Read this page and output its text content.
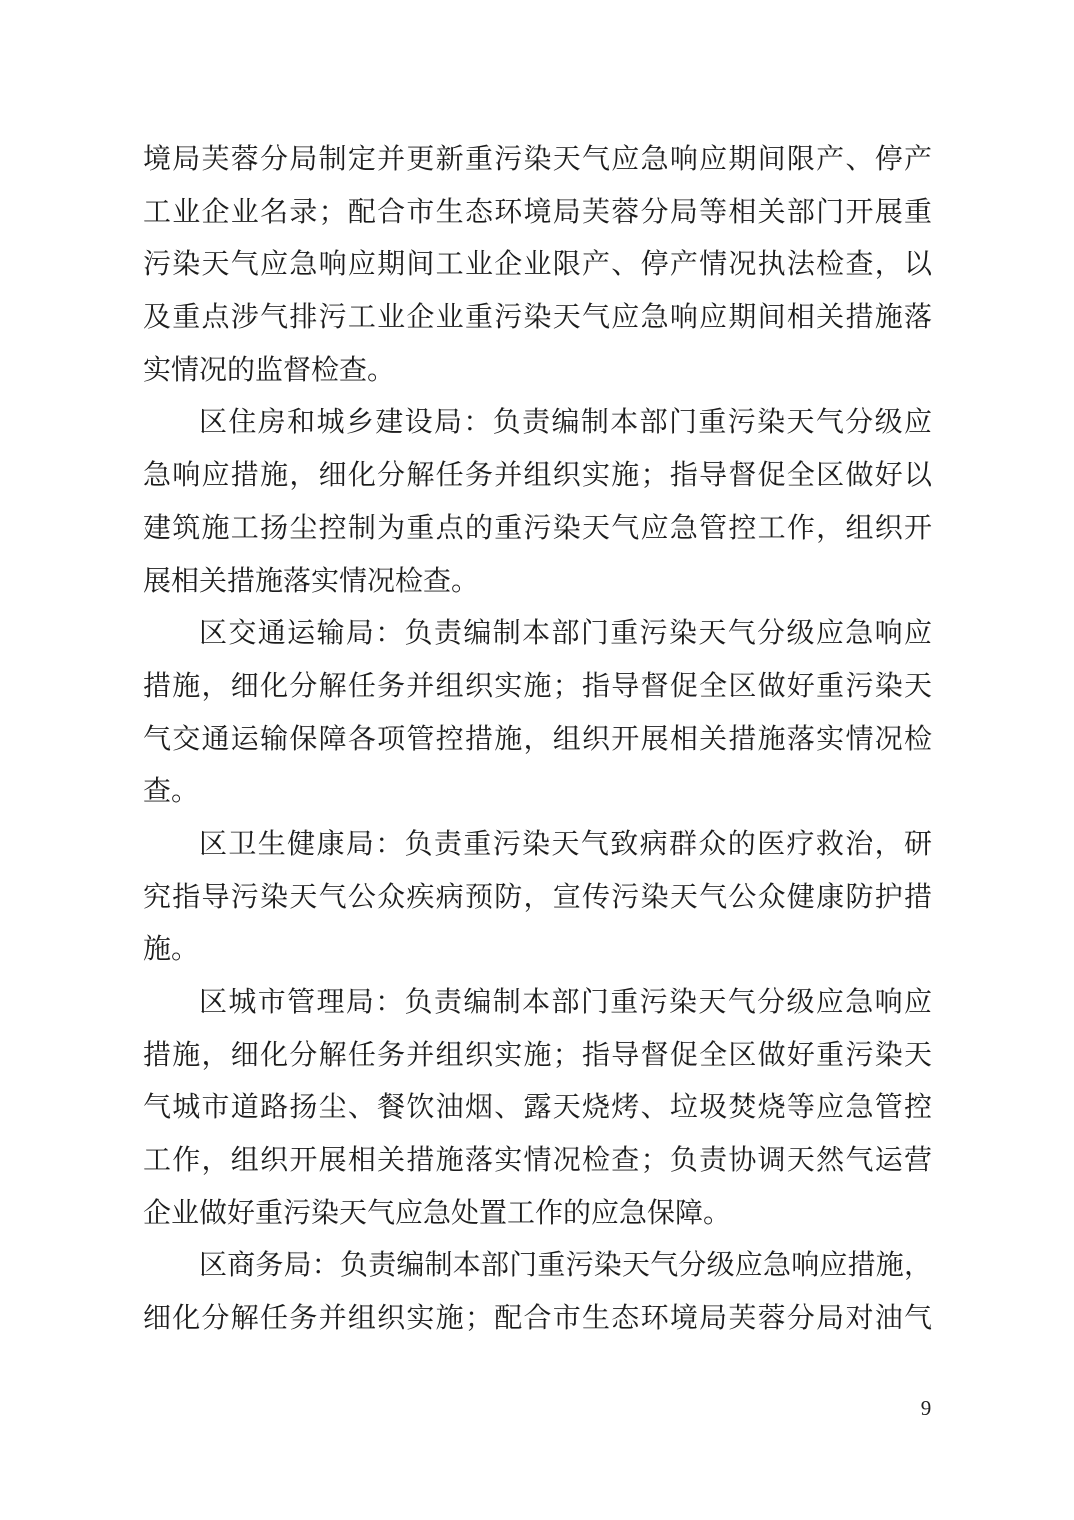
境局芙蓉分局制定并更新重污染天气应急响应期间限产、停产
工业企业名录；配合市生态环境局芙蓉分局等相关部门开展重
污染天气应急响应期间工业企业限产、停产情况执法检查，以
及重点涉气排污工业企业重污染天气应急响应期间相关措施落
实情况的监督检查。
区住房和城乡建设局：负责编制本部门重污染天气分级应
急响应措施，细化分解任务并组织实施；指导督促全区做好以
建筑施工扬尘控制为重点的重污染天气应急管控工作，组织开
展相关措施落实情况检查。
区交通运输局：负责编制本部门重污染天气分级应急响应
措施，细化分解任务并组织实施；指导督促全区做好重污染天
气交通运输保障各项管控措施，组织开展相关措施落实情况检
查。
区卫生健康局：负责重污染天气致病群众的医疗救治，研
究指导污染天气公众疾病预防，宣传污染天气公众健康防护措
施。
区城市管理局：负责编制本部门重污染天气分级应急响应
措施，细化分解任务并组织实施；指导督促全区做好重污染天
气城市道路扬尘、餐饮油烟、露天烧烤、垃圾焚烧等应急管控
工作，组织开展相关措施落实情况检查；负责协调天然气运营
企业做好重污染天气应急处置工作的应急保障。
区商务局：负责编制本部门重污染天气分级应急响应措施，
细化分解任务并组织实施；配合市生态环境局芙蓉分局对油气
9
